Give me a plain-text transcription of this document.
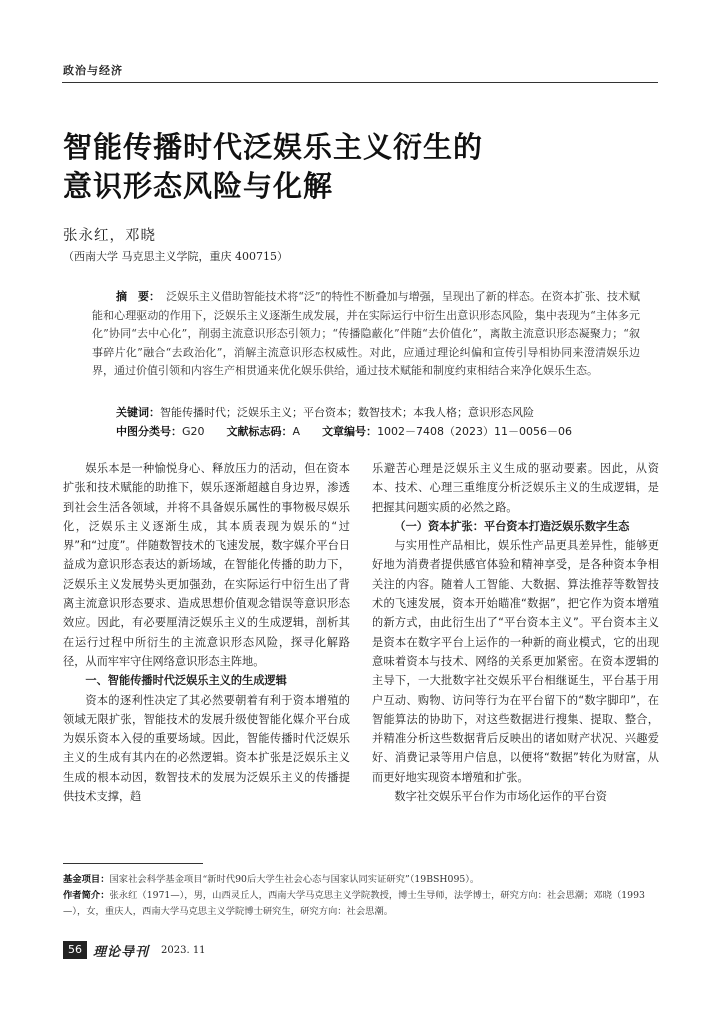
政治与经济
智能传播时代泛娱乐主义衍生的
意识形态风险与化解
张永红，邓晓
（西南大学 马克思主义学院，重庆 400715）
摘　要： 泛娱乐主义借助智能技术将“泛”的特性不断叠加与增强，呈现出了新的样态。在资本扩张、技术赋能和心理驱动的作用下，泛娱乐主义逐渐生成发展，并在实际运行中衍生出意识形态风险，集中表现为“主体多元化”协同“去中心化”，削弱主流意识形态引领力；“传播隐蔽化”伴随“去价值化”，离散主流意识形态凝聚力；“叙事碎片化”融合“去政治化”，消解主流意识形态权威性。对此，应通过理论纠偏和宣传引导相协同来澄清娱乐边界，通过价值引领和内容生产相贯通来优化娱乐供给，通过技术赋能和制度约束相结合来净化娱乐生态。
关键词：智能传播时代；泛娱乐主义；平台资本；数智技术；本我人格；意识形态风险
中图分类号：G20 文献标志码：A 文章编号：1002－7408（2023）11－0056－06

娱乐本是一种愉悦身心、释放压力的活动，但在资本扩张和技术赋能的助推下，娱乐逐渐超越自身边界，渗透到社会生活各领域，并将不具备娱乐属性的事物极尽娱乐化，泛娱乐主义逐渐生成，其本质表现为娱乐的“过界”和“过度”。伴随数智技术的飞速发展，数字媒介平台日益成为意识形态表达的新场域，在智能化传播的助力下，泛娱乐主义发展势头更加强劲，在实际运行中衍生出了背离主流意识形态要求、造成思想价值观念错误等意识形态效应。因此，有必要厘清泛娱乐主义的生成逻辑，剖析其在运行过程中所衍生的主流意识形态风险，探寻化解路径，从而牢牢守住网络意识形态主阵地。

一、智能传播时代泛娱乐主义的生成逻辑

资本的逐利性决定了其必然要朝着有利于资本增殖的领域无限扩张，智能技术的发展升级使智能化媒介平台成为娱乐资本入侵的重要场域。因此，智能传播时代泛娱乐主义的生成有其内在的必然逻辑。资本扩张是泛娱乐主义生成的根本动因，数智技术的发展为泛娱乐主义的传播提供技术支撑，趋

乐避苦心理是泛娱乐主义生成的驱动要素。因此，从资本、技术、心理三重维度分析泛娱乐主义的生成逻辑，是把握其问题实质的必然之路。

（一）资本扩张：平台资本打造泛娱乐数字生态

与实用性产品相比，娱乐性产品更具差异性，能够更好地为消费者提供感官体验和精神享受，是各种资本争相关注的内容。随着人工智能、大数据、算法推荐等数智技术的飞速发展，资本开始瞄准“数据”，把它作为资本增殖的新方式，由此衍生出了“平台资本主义”。平台资本主义是资本在数字平台上运作的一种新的商业模式，它的出现意味着资本与技术、网络的关系更加紧密。在资本逻辑的主导下，一大批数字社交娱乐平台相继诞生，平台基于用户互动、购物、访问等行为在平台留下的“数字脚印”，在智能算法的协助下，对这些数据进行搜集、提取、整合，并精准分析这些数据背后反映出的诸如财产状况、兴趣爱好、消费记录等用户信息，以便将“数据”转化为财富，从而更好地实现资本增殖和扩张。

数字社交娱乐平台作为市场化运作的平台资

基金项目：国家社会科学基金项目“新时代90后大学生社会心态与国家认同实证研究”（19BSH095）。
作者简介：张永红（1971—），男，山西灵丘人，西南大学马克思主义学院教授，博士生导师，法学博士，研究方向：社会思潮；邓晓（1993—），女，重庆人，西南大学马克思主义学院博士研究生，研究方向：社会思潮。
56 理论导刊 2023. 11
